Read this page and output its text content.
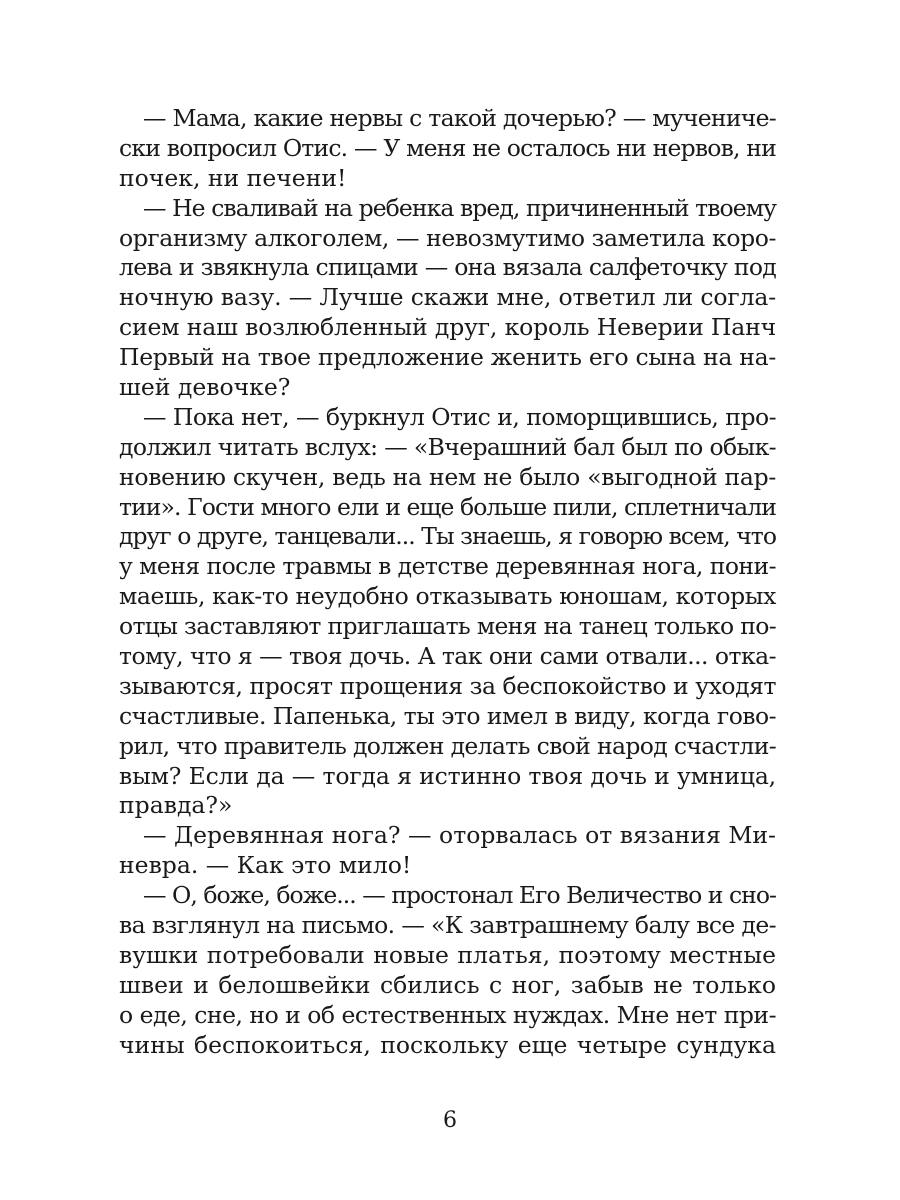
— Мама, какие нервы с такой дочерью? — мучениче-
ски вопросил Отис. — У меня не осталось ни нервов, ни
почек, ни печени!
— Не сваливай на ребенка вред, причиненный твоему
организму алкоголем, — невозмутимо заметила коро-
лева и звякнула спицами — она вязала салфеточку под
ночную вазу. — Лучше скажи мне, ответил ли согла-
сием наш возлюбленный друг, король Неверии Панч
Первый на твое предложение женить его сына на на-
шей девочке?
— Пока нет, — буркнул Отис и, поморщившись, про-
должил читать вслух: — «Вчерашний бал был по обык-
новению скучен, ведь на нем не было «выгодной пар-
тии». Гости много ели и еще больше пили, сплетничали
друг о друге, танцевали... Ты знаешь, я говорю всем, что
у меня после травмы в детстве деревянная нога, пони-
маешь, как-то неудобно отказывать юношам, которых
отцы заставляют приглашать меня на танец только по-
тому, что я — твоя дочь. А так они сами отвали... отка-
зываются, просят прощения за беспокойство и уходят
счастливые. Папенька, ты это имел в виду, когда гово-
рил, что правитель должен делать свой народ счастли-
вым? Если да — тогда я истинно твоя дочь и умница,
правда?»
— Деревянная нога? — оторвалась от вязания Ми-
невра. — Как это мило!
— О, боже, боже... — простонал Его Величество и сно-
ва взглянул на письмо. — «К завтрашнему балу все де-
вушки потребовали новые платья, поэтому местные
швеи и белошвейки сбились с ног, забыв не только
о еде, сне, но и об естественных нуждах. Мне нет при-
чины беспокоиться, поскольку еще четыре сундука
6
